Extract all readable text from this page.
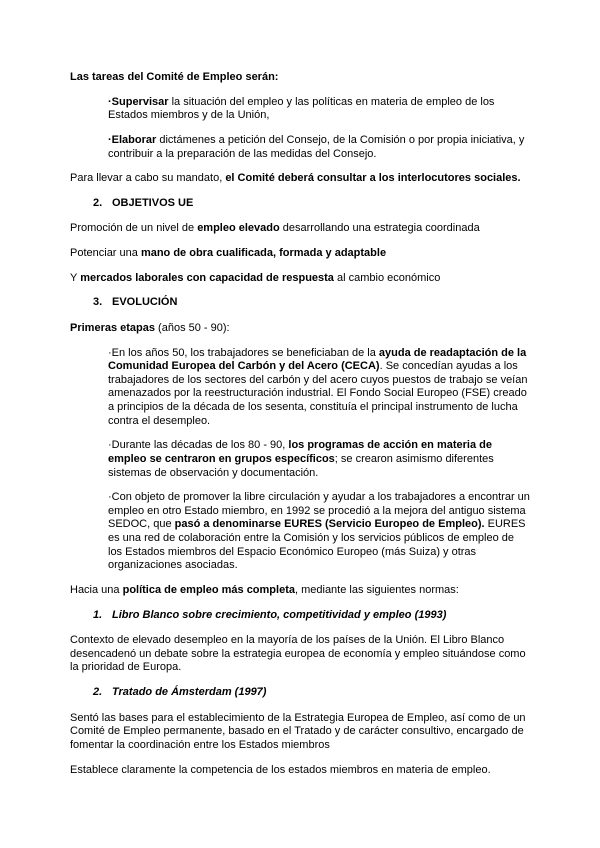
Las tareas del Comité de Empleo serán:

·Supervisar la situación del empleo y las políticas en materia de empleo de los Estados miembros y de la Unión,

·Elaborar dictámenes a petición del Consejo, de la Comisión o por propia iniciativa, y contribuir a la preparación de las medidas del Consejo.

Para llevar a cabo su mandato, el Comité deberá consultar a los interlocutores sociales.

2. OBJETIVOS UE

Promoción de un nivel de empleo elevado desarrollando una estrategia coordinada

Potenciar una mano de obra cualificada, formada y adaptable

Y mercados laborales con capacidad de respuesta al cambio económico

3. EVOLUCIÓN

Primeras etapas (años 50 - 90):

·En los años 50, los trabajadores se beneficiaban de la ayuda de readaptación de la Comunidad Europea del Carbón y del Acero (CECA). Se concedían ayudas a los trabajadores de los sectores del carbón y del acero cuyos puestos de trabajo se veían amenazados por la reestructuración industrial. El Fondo Social Europeo (FSE) creado a principios de la década de los sesenta, constituía el principal instrumento de lucha contra el desempleo.

·Durante las décadas de los 80 - 90, los programas de acción en materia de empleo se centraron en grupos específicos; se crearon asimismo diferentes sistemas de observación y documentación.

·Con objeto de promover la libre circulación y ayudar a los trabajadores a encontrar un empleo en otro Estado miembro, en 1992 se procedió a la mejora del antiguo sistema SEDOC, que pasó a denominarse EURES (Servicio Europeo de Empleo). EURES es una red de colaboración entre la Comisión y los servicios públicos de empleo de los Estados miembros del Espacio Económico Europeo (más Suiza) y otras organizaciones asociadas.

Hacia una política de empleo más completa, mediante las siguientes normas:

1. Libro Blanco sobre crecimiento, competitividad y empleo (1993)

Contexto de elevado desempleo en la mayoría de los países de la Unión. El Libro Blanco desencadenó un debate sobre la estrategia europea de economía y empleo situándose como la prioridad de Europa.

2. Tratado de Ámsterdam (1997)

Sentó las bases para el establecimiento de la Estrategia Europea de Empleo, así como de un Comité de Empleo permanente, basado en el Tratado y de carácter consultivo, encargado de fomentar la coordinación entre los Estados miembros

Establece claramente la competencia de los estados miembros en materia de empleo.
